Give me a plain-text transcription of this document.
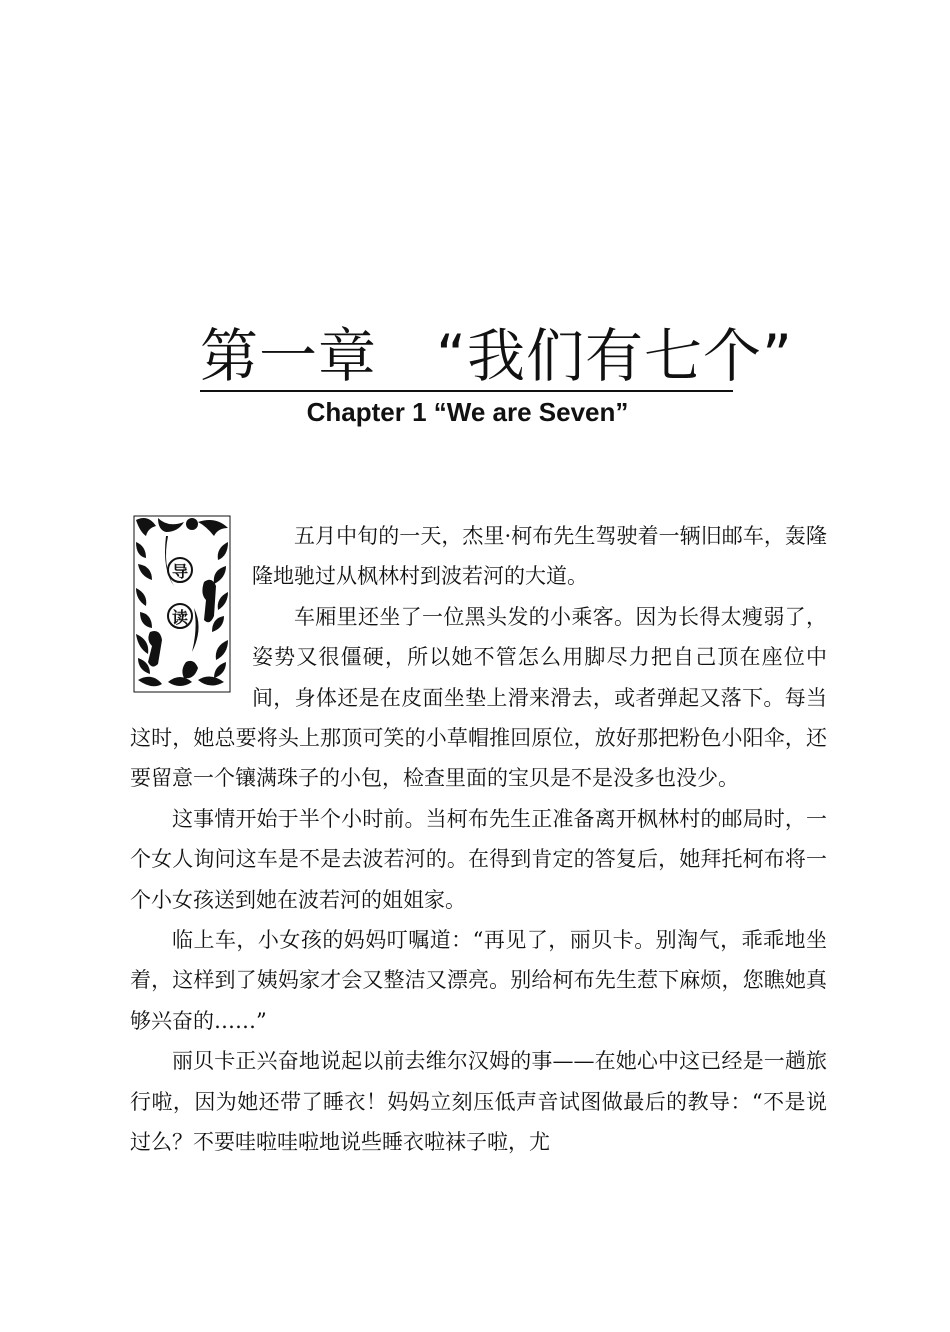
第一章　“我们有七个”
Chapter 1 “We are Seven”
导
读

五月中旬的一天，杰里·柯布先生驾驶着一辆旧邮车，轰隆隆地驰过从枫林村到波若河的大道。

车厢里还坐了一位黑头发的小乘客。因为长得太瘦弱了，姿势又很僵硬，所以她不管怎么用脚尽力把自己顶在座位中间，身体还是在皮面坐垫上滑来滑去，或者弹起又落下。每当这时，她总要将头上那顶可笑的小草帽推回原位，放好那把粉色小阳伞，还要留意一个镶满珠子的小包，检查里面的宝贝是不是没多也没少。

这事情开始于半个小时前。当柯布先生正准备离开枫林村的邮局时，一个女人询问这车是不是去波若河的。在得到肯定的答复后，她拜托柯布将一个小女孩送到她在波若河的姐姐家。

临上车，小女孩的妈妈叮嘱道：“再见了，丽贝卡。别淘气，乖乖地坐着，这样到了姨妈家才会又整洁又漂亮。别给柯布先生惹下麻烦，您瞧她真够兴奋的……”

丽贝卡正兴奋地说起以前去维尔汉姆的事——在她心中这已经是一趟旅行啦，因为她还带了睡衣！妈妈立刻压低声音试图做最后的教导：“不是说过么？不要哇啦哇啦地说些睡衣啦袜子啦，尤
